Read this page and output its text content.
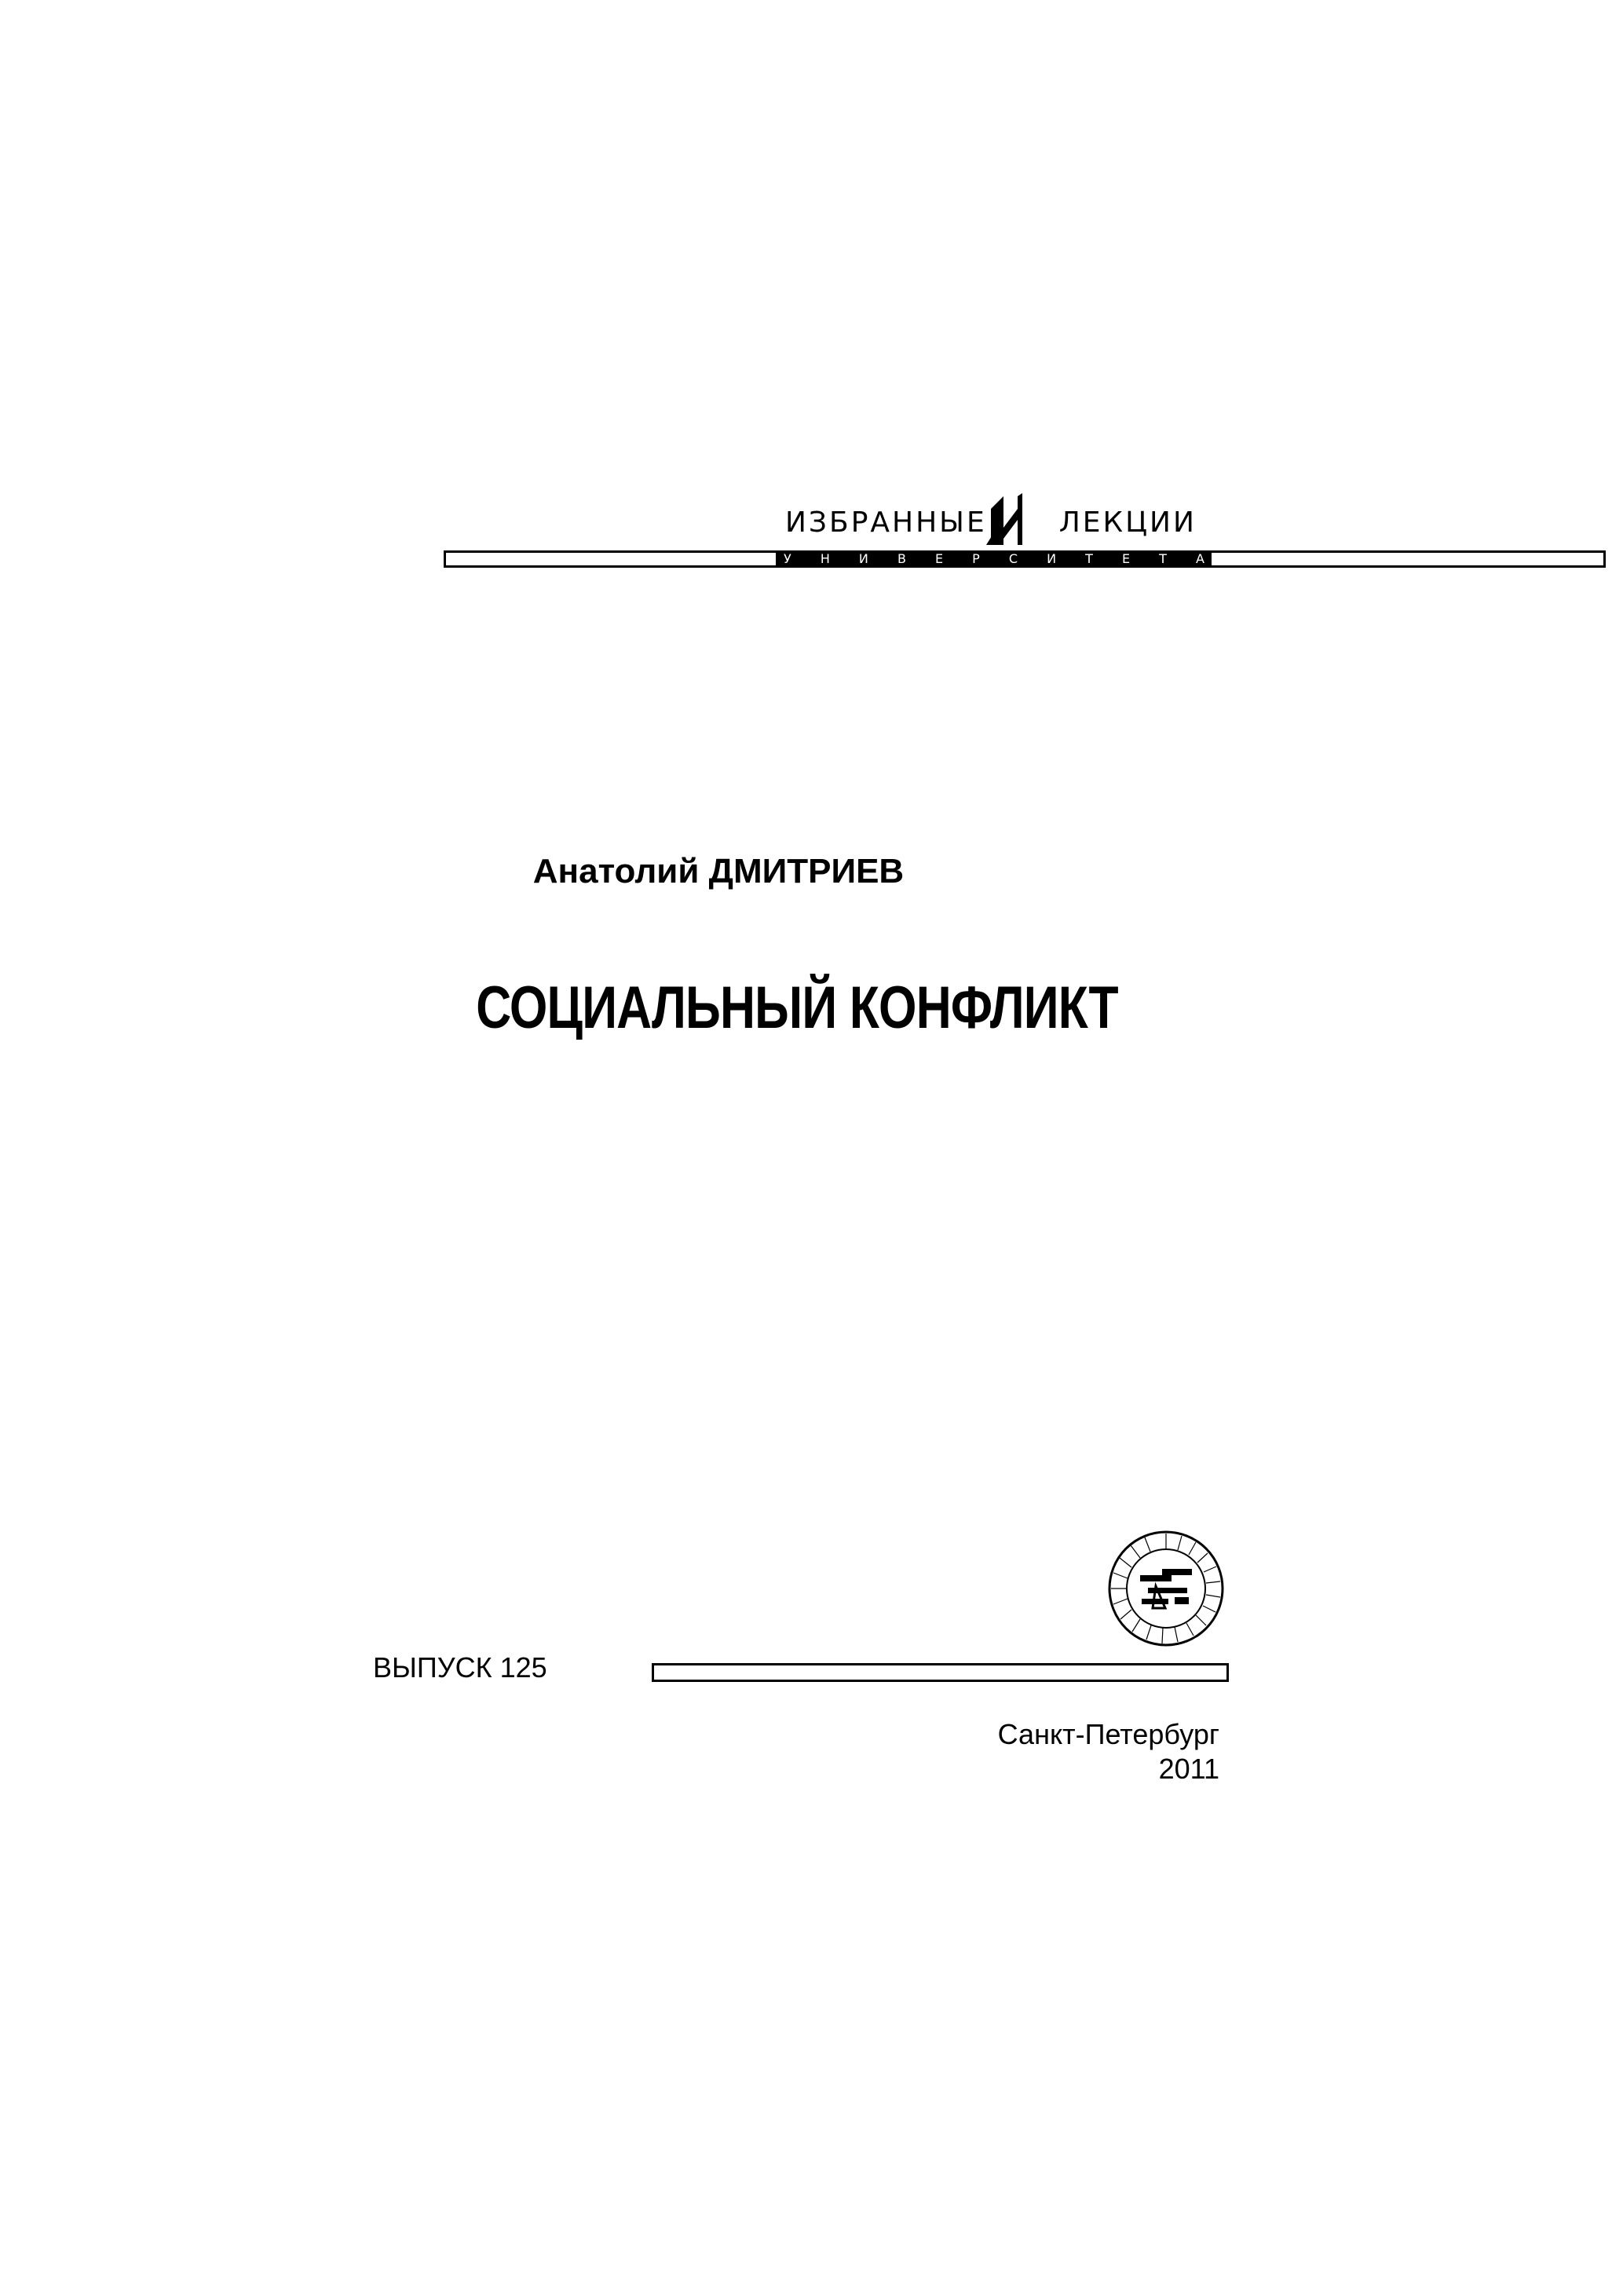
ИЗБРАННЫЕ	ЛЕКЦИИ
У Н И В Е Р С И Т Е Т А
Анатолий ДМИТРИЕВ
СОЦИАЛЬНЫЙ КОНФЛИКТ
ВЫПУСК 125
Санкт-Петербург
2011
